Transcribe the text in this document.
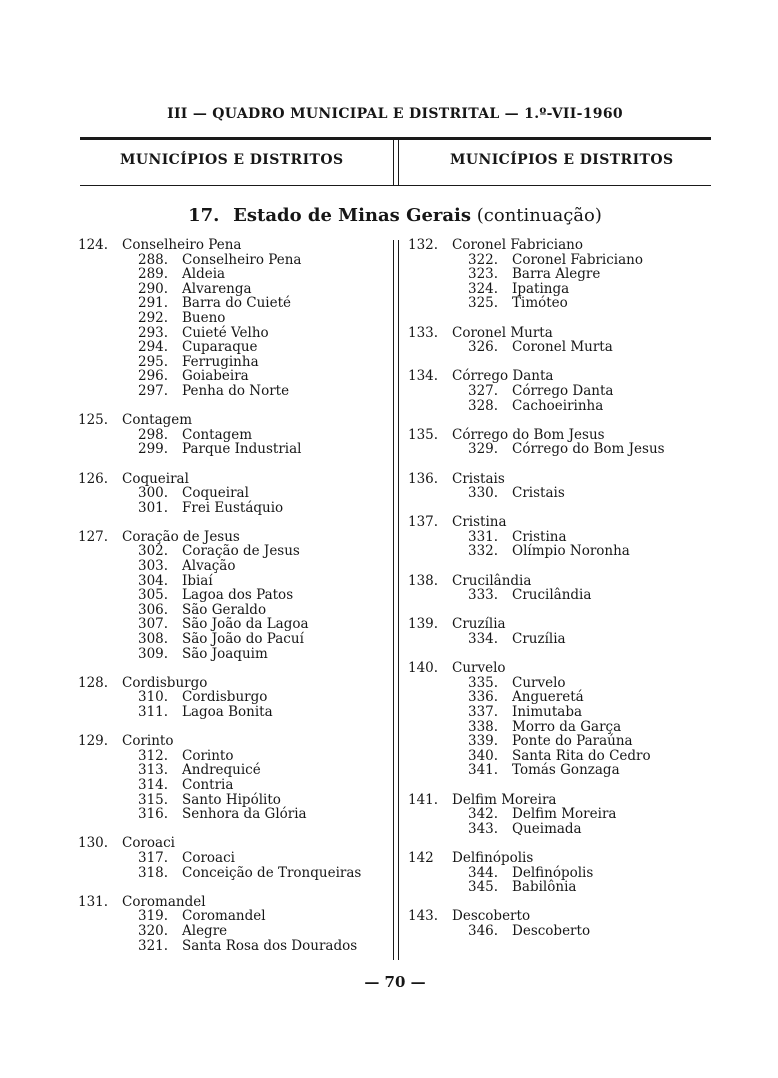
III — QUADRO MUNICIPAL E DISTRITAL — 1.º-VII-1960
MUNICÍPIOS E DISTRITOS	MUNICÍPIOS E DISTRITOS
17. Estado de Minas Gerais (continuação)
124.	Conselheiro Pena
288.	Conselheiro Pena
289.	Aldeia
290.	Alvarenga
291.	Barra do Cuieté
292.	Bueno
293.	Cuieté Velho
294.	Cuparaque
295.	Ferruginha
296.	Goiabeira
297.	Penha do Norte
125.	Contagem
298.	Contagem
299.	Parque Industrial
126.	Coqueiral
300.	Coqueiral
301.	Frei Eustáquio
127.	Coração de Jesus
302.	Coração de Jesus
303.	Alvação
304.	Ibiaí
305.	Lagoa dos Patos
306.	São Geraldo
307.	São João da Lagoa
308.	São João do Pacuí
309.	São Joaquim
128.	Cordisburgo
310.	Cordisburgo
311.	Lagoa Bonita
129.	Corinto
312.	Corinto
313.	Andrequicé
314.	Contria
315.	Santo Hipólito
316.	Senhora da Glória
130.	Coroaci
317.	Coroaci
318.	Conceição de Tronqueiras
131.	Coromandel
319.	Coromandel
320.	Alegre
321.	Santa Rosa dos Dourados
132.	Coronel Fabriciano
322.	Coronel Fabriciano
323.	Barra Alegre
324.	Ipatinga
325.	Timóteo
133.	Coronel Murta
326.	Coronel Murta
134.	Córrego Danta
327.	Córrego Danta
328.	Cachoeirinha
135.	Córrego do Bom Jesus
329.	Córrego do Bom Jesus
136.	Cristais
330.	Cristais
137.	Cristina
331.	Cristina
332.	Olímpio Noronha
138.	Crucilândia
333.	Crucilândia
139.	Cruzília
334.	Cruzília
140.	Curvelo
335.	Curvelo
336.	Angueretá
337.	Inimutaba
338.	Morro da Garça
339.	Ponte do Paraúna
340.	Santa Rita do Cedro
341.	Tomás Gonzaga
141.	Delfim Moreira
342.	Delfim Moreira
343.	Queimada
142	Delfinópolis
344.	Delfinópolis
345.	Babilônia
143.	Descoberto
346.	Descoberto
— 70 —
